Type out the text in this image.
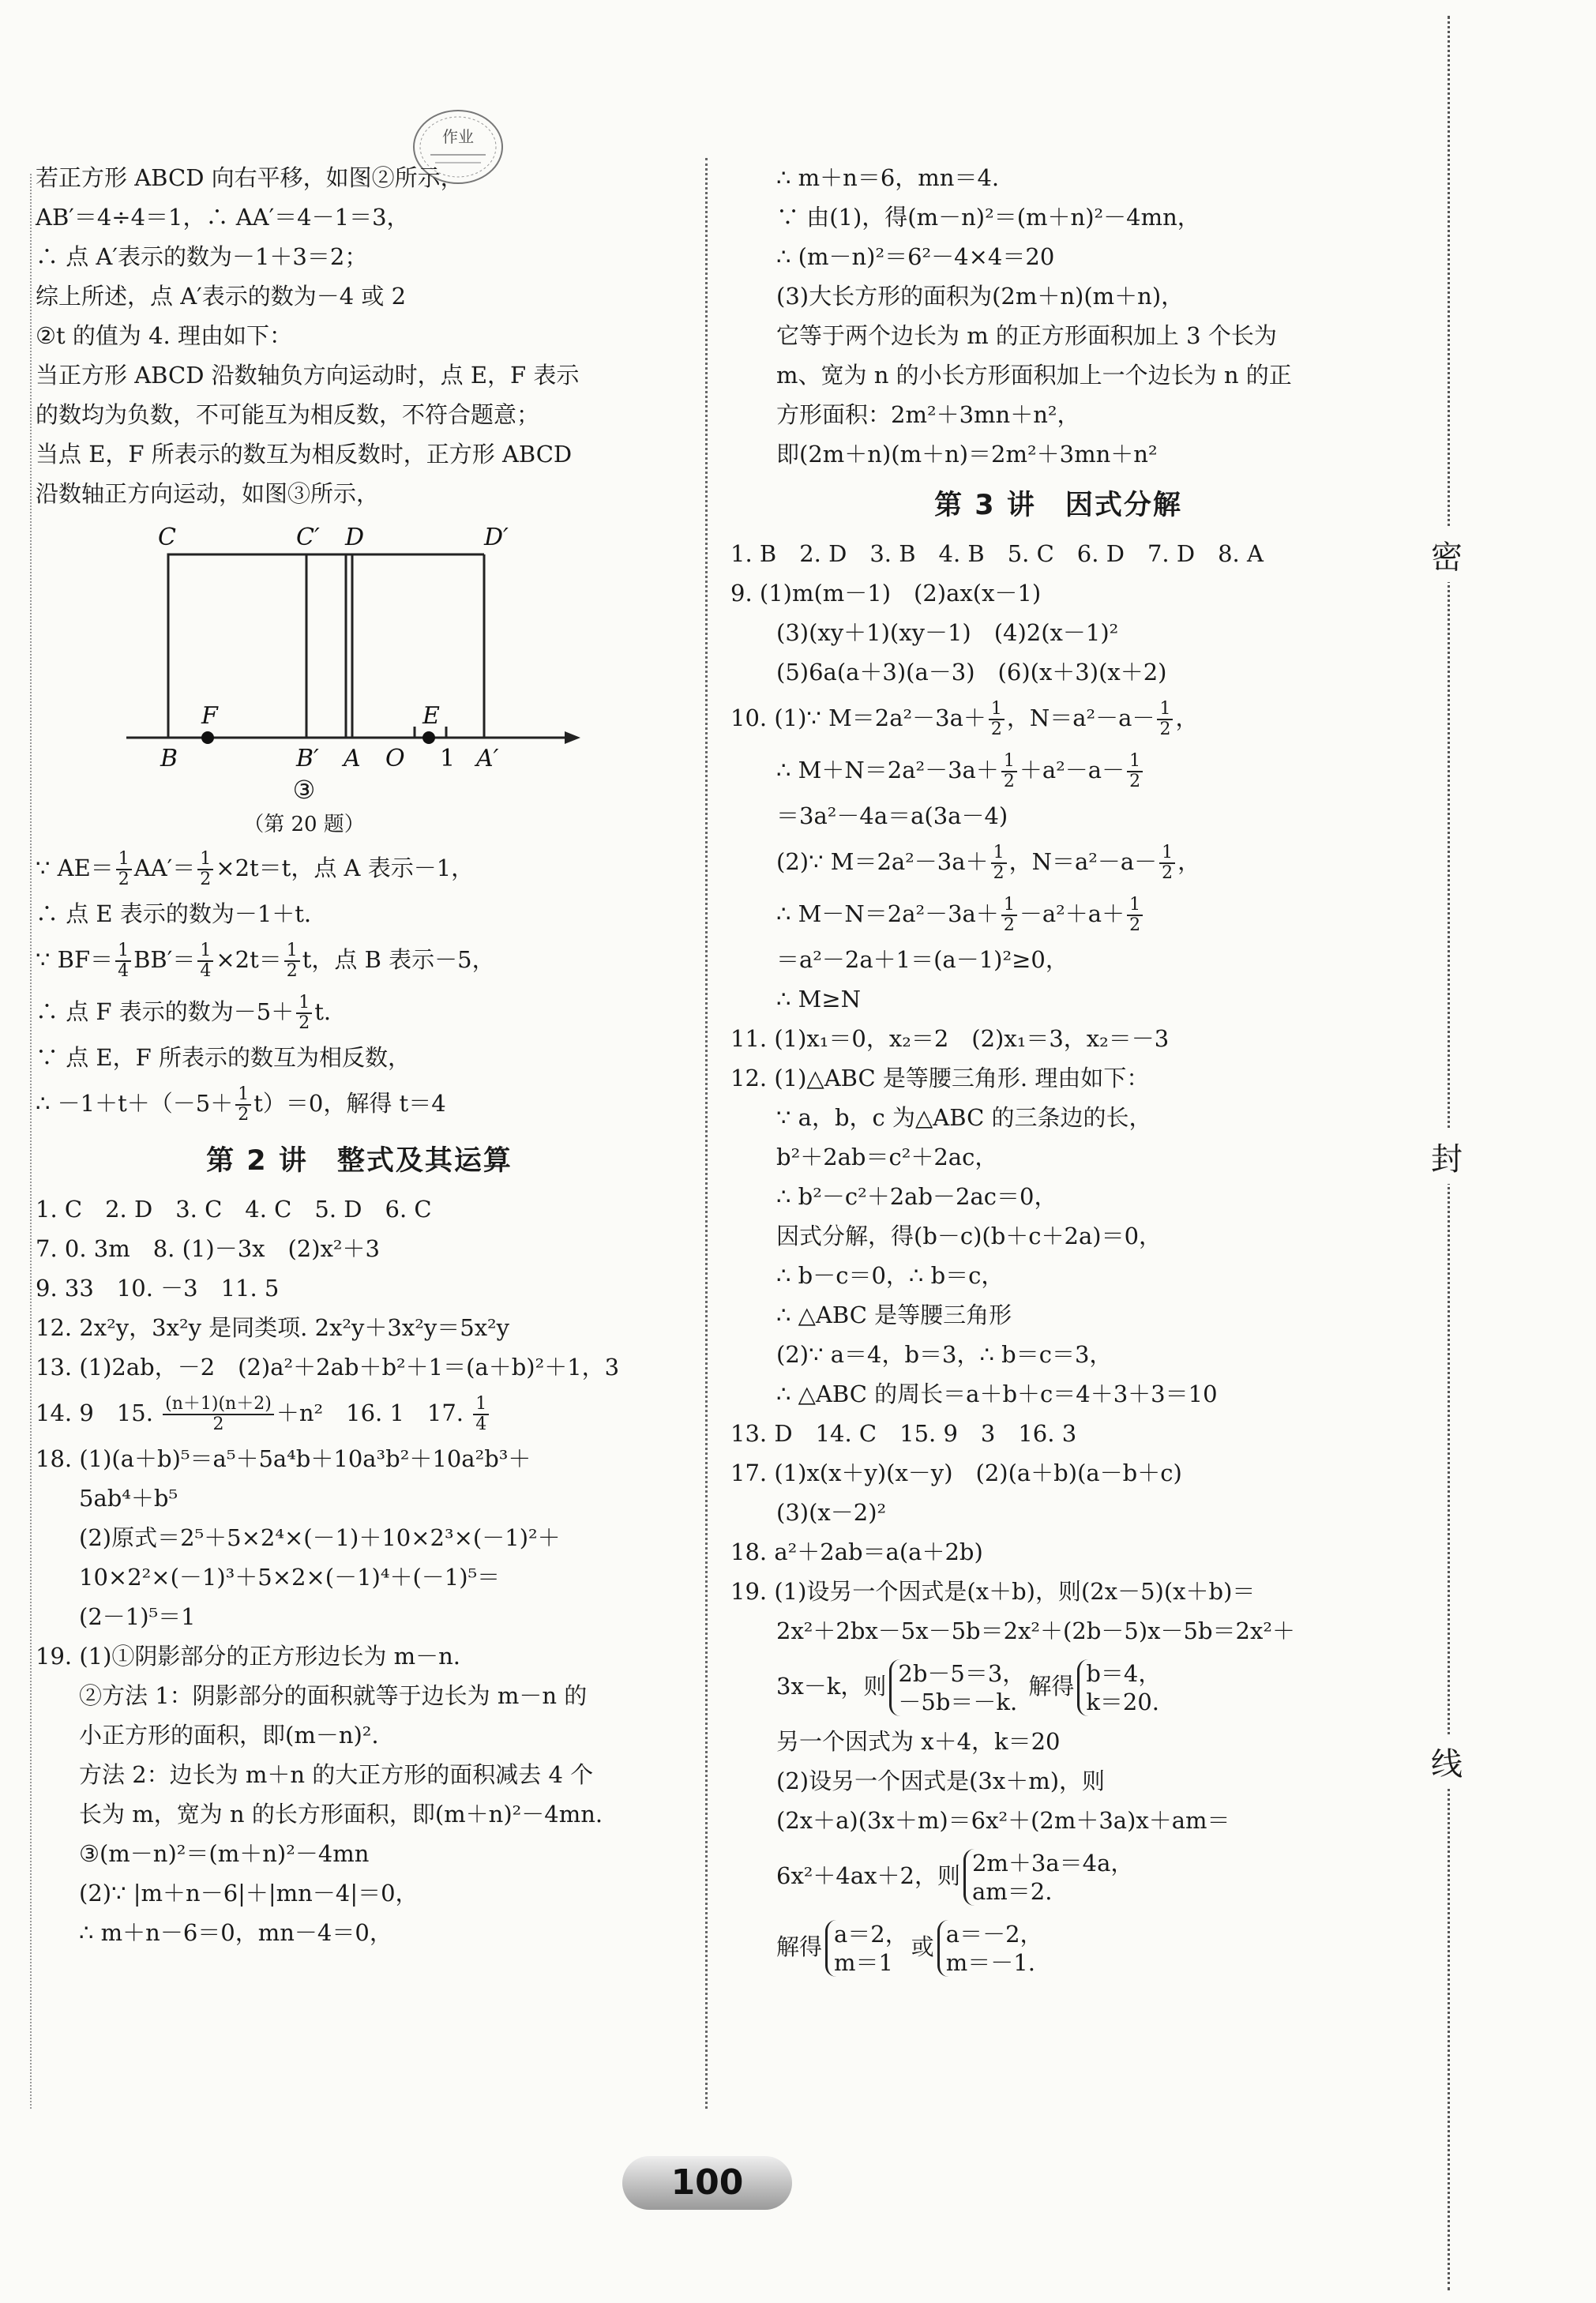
密
封
线
作业
若正方形 ABCD 向右平移，如图②所示，
AB′＝4÷4＝1，∴ AA′＝4－1＝3，
∴ 点 A′表示的数为－1＋3＝2；
综上所述，点 A′表示的数为－4 或 2
②t 的值为 4. 理由如下：
当正方形 ABCD 沿数轴负方向运动时，点 E，F 表示
的数均为负数，不可能互为相反数，不符合题意；
当点 E，F 所表示的数互为相反数时，正方形 ABCD
沿数轴正方向运动，如图③所示，
C	C′ D	D′
F	E
B	B′ A O 1 A′
③
（第 20 题）
∵ $AE= \frac{1}{2} AA'= \frac{1}{2} \times 2t=t$，点 A 表示－1，
∴ 点 E 表示的数为－1＋t.
∵ $BF= \frac{1}{4} BB'= \frac{1}{4} \times 2t= \frac{1}{2}$ t，点 B 表示－5，
∴ 点 F 表示的数为$-5+ \frac{1}{2} t$.
∵ 点 E，F 所表示的数互为相反数，
∴ $-1+t+(-5+ \frac{1}{2} t)=0$，解得 t＝4
第 2 讲　整式及其运算
1. C　2. D　3. C　4. C　5. D　6. C
7. 0. 3m　8. (1)－3x　(2)x²＋3
9. 33　10. －3　11. 5
12. 2x²y，3x²y 是同类项. 2x²y＋3x²y＝5x²y
13. (1)2ab，－2　(2)a²＋2ab＋b²＋1＝(a＋b)²＋1，3
14. 9　15. $\frac{(n+1)(n+2)}{2} +n^2$　16. 1　17. $\frac{1}{4}$
18. (1)(a＋b)⁵＝a⁵＋5a⁴b＋10a³b²＋10a²b³＋
5ab⁴＋b⁵
(2)原式＝2⁵＋5×2⁴×(－1)＋10×2³×(－1)²＋
10×2²×(－1)³＋5×2×(－1)⁴＋(－1)⁵＝
(2－1)⁵＝1
19. (1)①阴影部分的正方形边长为 m－n.
②方法 1：阴影部分的面积就等于边长为 m－n 的
小正方形的面积，即(m－n)².
方法 2：边长为 m＋n 的大正方形的面积减去 4 个
长为 m，宽为 n 的长方形面积，即(m＋n)²－4mn.
③(m－n)²＝(m＋n)²－4mn
(2)∵ |m＋n－6|＋|mn－4|＝0，
∴ m＋n－6＝0，mn－4＝0，
∴ m＋n＝6，mn＝4.
∵ 由(1)，得(m－n)²＝(m＋n)²－4mn，
∴ (m－n)²＝6²－4×4＝20
(3)大长方形的面积为(2m＋n)(m＋n)，
它等于两个边长为 m 的正方形面积加上 3 个长为
m、宽为 n 的小长方形面积加上一个边长为 n 的正
方形面积：2m²＋3mn＋n²，
即(2m＋n)(m＋n)＝2m²＋3mn＋n²
第 3 讲　因式分解
1. B　2. D　3. B　4. B　5. C　6. D　7. D　8. A
9. (1)m(m－1)　(2)ax(x－1)
(3)(xy＋1)(xy－1)　(4)2(x－1)²
(5)6a(a＋3)(a－3)　(6)(x＋3)(x＋2)
10. (1)∵ $M=2a^2-3a+ \frac{1}{2}$ ，$N=a^2-a- \frac{1}{2}$ ，
∴ $M+N=2a^2-3a+ \frac{1}{2} +a^2-a- \frac{1}{2}$
＝3a²－4a＝a(3a－4)
(2)∵ $M=2a^2-3a+ \frac{1}{2}$ ，$N=a^2-a- \frac{1}{2}$ ，
∴ $M-N=2a^2-3a+ \frac{1}{2} -a^2+a+ \frac{1}{2}$
＝a²－2a＋1＝(a－1)²≥0，
∴ M≥N
11. (1)x₁＝0，x₂＝2　(2)x₁＝3，x₂＝－3
12. (1)△ABC 是等腰三角形. 理由如下：
∵ a，b，c 为△ABC 的三条边的长，
b²＋2ab＝c²＋2ac，
∴ b²－c²＋2ab－2ac＝0，
因式分解，得(b－c)(b＋c＋2a)＝0，
∴ b－c＝0，∴ b＝c，
∴ △ABC 是等腰三角形
(2)∵ a＝4，b＝3，∴ b＝c＝3，
∴ △ABC 的周长＝a＋b＋c＝4＋3＋3＝10
13. D　14. C　15. 9　3　16. 3
17. (1)x(x＋y)(x－y)　(2)(a＋b)(a－b＋c)
(3)(x－2)²
18. a²＋2ab＝a(a＋2b)
19. (1)设另一个因式是(x＋b)，则(2x－5)(x＋b)＝
2x²＋2bx－5x－5b＝2x²＋(2b－5)x－5b＝2x²＋
3x－k，则 2b－5＝3，
－5b＝－k.
解得 b＝4，
k＝20.
另一个因式为 x＋4，k＝20
(2)设另一个因式是(3x＋m)，则
(2x＋a)(3x＋m)＝6x²＋(2m＋3a)x＋am＝
6x²＋4ax＋2，则 2m＋3a＝4a，
am＝2.
解得 a＝2，
m＝1
或 a＝－2，
m＝－1.
100
